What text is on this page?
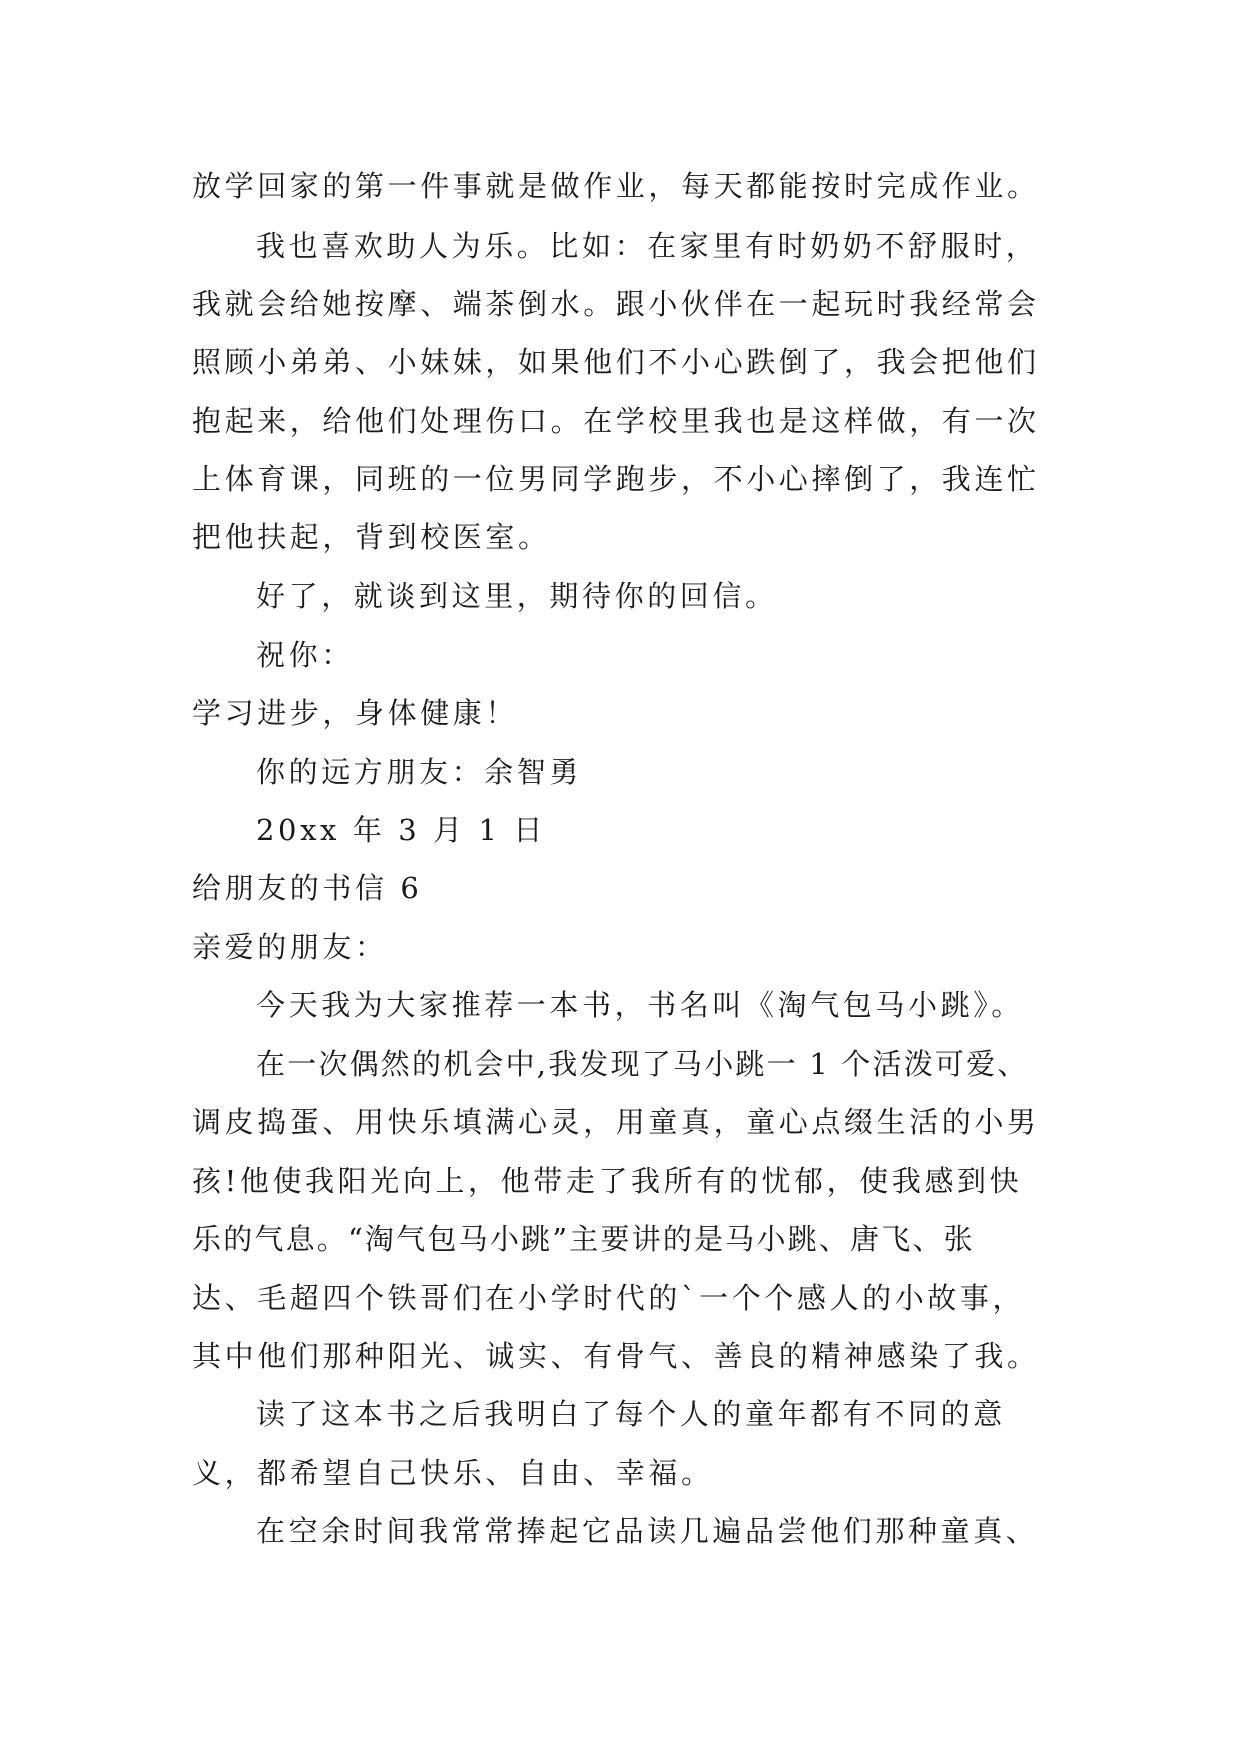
放学回家的第一件事就是做作业，每天都能按时完成作业。
我也喜欢助人为乐。比如：在家里有时奶奶不舒服时，
我就会给她按摩、端茶倒水。跟小伙伴在一起玩时我经常会
照顾小弟弟、小妹妹，如果他们不小心跌倒了，我会把他们
抱起来，给他们处理伤口。在学校里我也是这样做，有一次
上体育课，同班的一位男同学跑步，不小心摔倒了，我连忙
把他扶起，背到校医室。
好了，就谈到这里，期待你的回信。
祝你：
学习进步，身体健康！
你的远方朋友：余智勇
20xx 年 3 月 1 日
给朋友的书信 6
亲爱的朋友：
今天我为大家推荐一本书，书名叫《淘气包马小跳》。
在一次偶然的机会中,我发现了马小跳一 1 个活泼可爱、
调皮捣蛋、用快乐填满心灵，用童真，童心点缀生活的小男
孩!他使我阳光向上，他带走了我所有的忧郁，使我感到快
乐的气息。“淘气包马小跳”主要讲的是马小跳、唐飞、张
达、毛超四个铁哥们在小学时代的`一个个感人的小故事，
其中他们那种阳光、诚实、有骨气、善良的精神感染了我。
读了这本书之后我明白了每个人的童年都有不同的意
义，都希望自己快乐、自由、幸福。
在空余时间我常常捧起它品读几遍品尝他们那种童真、
